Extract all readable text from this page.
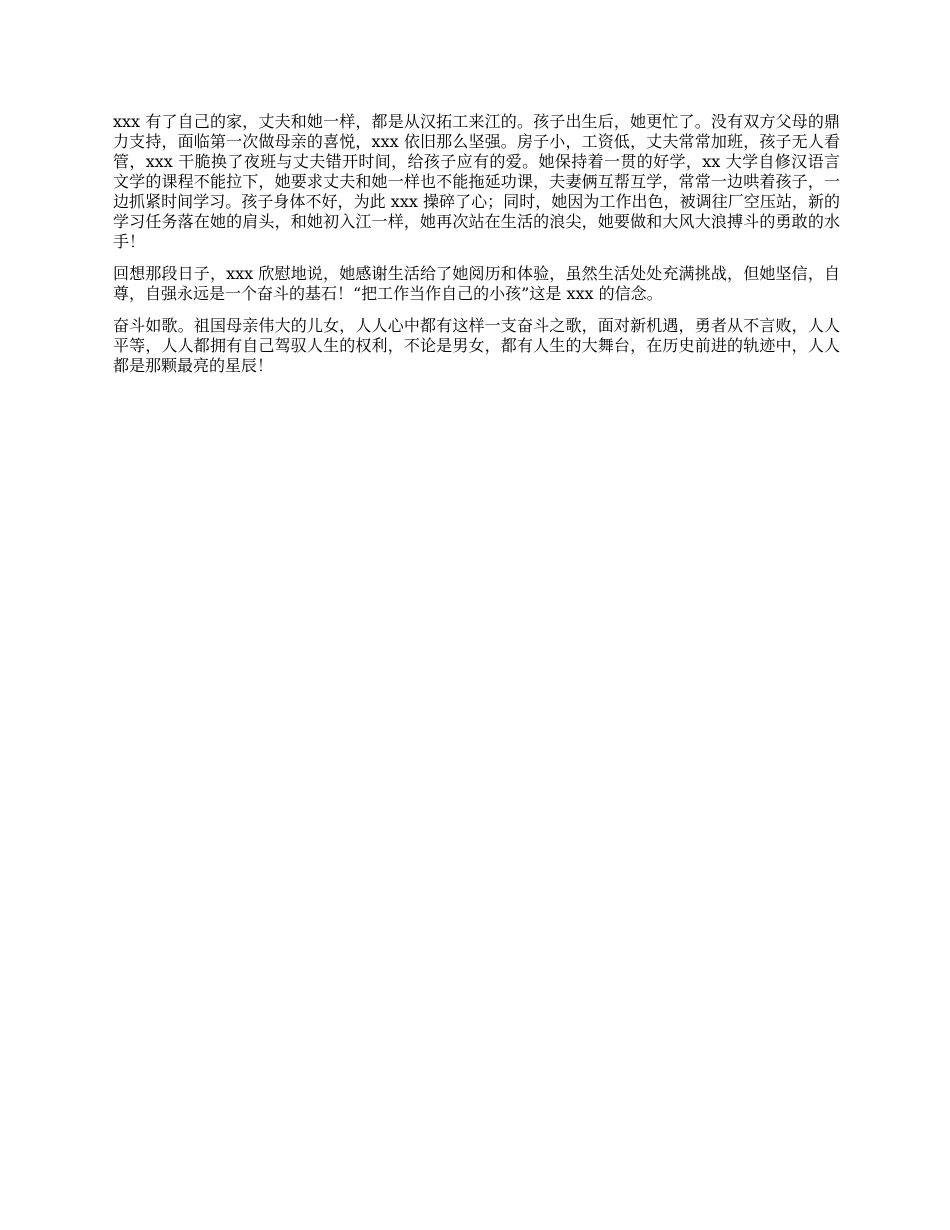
xxx 有了自己的家，丈夫和她一样，都是从汉拓工来江的。孩子出生后，她更忙了。没有双方父母的鼎力支持，面临第一次做母亲的喜悦，xxx 依旧那么坚强。房子小，工资低，丈夫常常加班，孩子无人看管，xxx 干脆换了夜班与丈夫错开时间，给孩子应有的爱。她保持着一贯的好学，xx 大学自修汉语言文学的课程不能拉下，她要求丈夫和她一样也不能拖延功课，夫妻俩互帮互学，常常一边哄着孩子，一边抓紧时间学习。孩子身体不好，为此 xxx 操碎了心；同时，她因为工作出色，被调往厂空压站，新的学习任务落在她的肩头，和她初入江一样，她再次站在生活的浪尖，她要做和大风大浪搏斗的勇敢的水手！

回想那段日子，xxx 欣慰地说，她感谢生活给了她阅历和体验，虽然生活处处充满挑战，但她坚信，自尊，自强永远是一个奋斗的基石！“把工作当作自己的小孩”这是 xxx 的信念。

奋斗如歌。祖国母亲伟大的儿女，人人心中都有这样一支奋斗之歌，面对新机遇，勇者从不言败，人人平等，人人都拥有自己驾驭人生的权利，不论是男女，都有人生的大舞台，在历史前进的轨迹中，人人都是那颗最亮的星辰！
